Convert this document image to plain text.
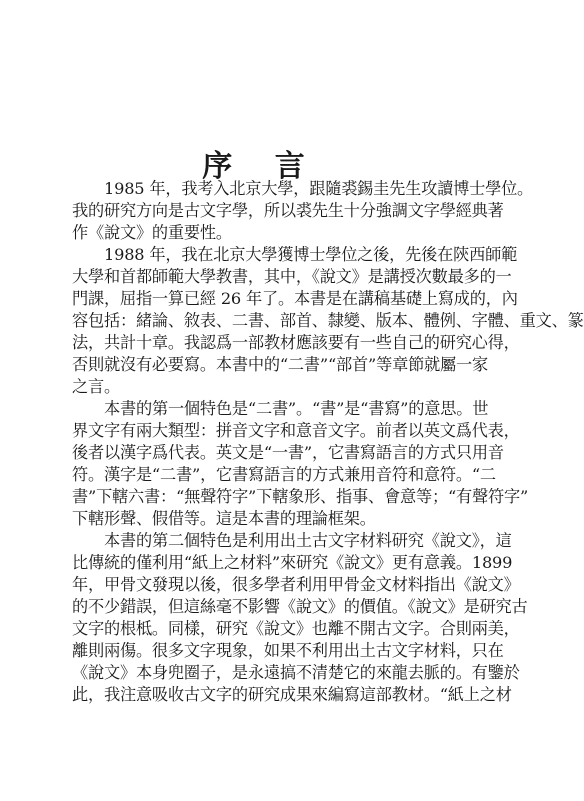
序 言
1985 年，我考入北京大學，跟隨裘錫圭先生攻讀博士學位。
我的研究方向是古文字學，所以裘先生十分強調文字學經典著
作《說文》的重要性。
1988 年，我在北京大學獲博士學位之後，先後在陝西師範
大學和首都師範大學教書，其中，《說文》是講授次數最多的一
門課，屈指一算已經 26 年了。本書是在講稿基礎上寫成的，內
容包括：緒論、敘表、二書、部首、隸變、版本、體例、字體、重文、篆
法，共計十章。我認爲一部教材應該要有一些自己的研究心得，
否則就沒有必要寫。本書中的“二書”“部首”等章節就屬一家
之言。
本書的第一個特色是“二書”。“書”是“書寫”的意思。世
界文字有兩大類型：拼音文字和意音文字。前者以英文爲代表，
後者以漢字爲代表。英文是“一書”，它書寫語言的方式只用音
符。漢字是“二書”，它書寫語言的方式兼用音符和意符。“二
書”下轄六書：“無聲符字”下轄象形、指事、會意等；“有聲符字”
下轄形聲、假借等。這是本書的理論框架。
本書的第二個特色是利用出土古文字材料研究《說文》，這
比傳統的僅利用“紙上之材料”來研究《說文》更有意義。1899
年，甲骨文發現以後，很多學者利用甲骨金文材料指出《說文》
的不少錯誤，但這絲毫不影響《說文》的價值。《說文》是研究古
文字的根柢。同樣，研究《說文》也離不開古文字。合則兩美，
離則兩傷。很多文字現象，如果不利用出土古文字材料，只在
《說文》本身兜圈子，是永遠搞不清楚它的來龍去脈的。有鑒於
此，我注意吸收古文字的研究成果來編寫這部教材。“紙上之材
